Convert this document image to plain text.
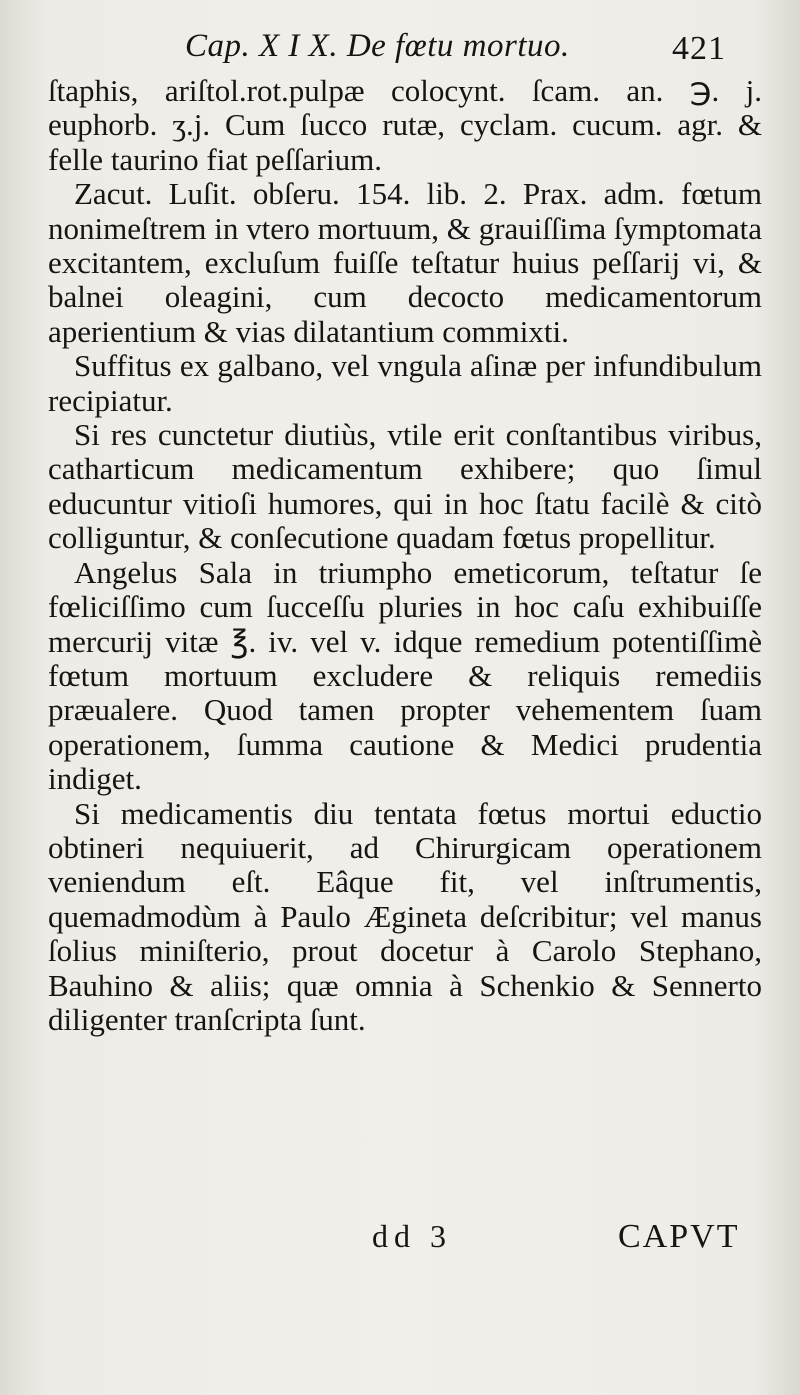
Cap. X I X. De fœtu mortuo.	421

ſtaphis, ariſtol.rot.pulpæ colocynt. ſcam. an. ℈. j. euphorb. ʒ.j. Cum ſucco rutæ, cyclam. cucum. agr. & felle taurino fiat peſſarium.

Zacut. Luſit. obſeru. 154. lib. 2. Prax. adm. fœtum nonimeſtrem in vtero mortuum, & grauiſſima ſymptomata excitantem, excluſum fuiſſe teſtatur huius peſſarij vi, & balnei oleagini, cum decocto medicamentorum aperientium & vias dilatantium commixti.

Suffitus ex galbano, vel vngula aſinæ per infundibulum recipiatur.

Si res cunctetur diutiùs, vtile erit conſtantibus viribus, catharticum medicamentum exhibere; quo ſimul educuntur vitioſi humores, qui in hoc ſtatu facilè & citò colliguntur, & conſecutione quadam fœtus propellitur.

Angelus Sala in triumpho emeticorum, teſtatur ſe fœliciſſimo cum ſucceſſu pluries in hoc caſu exhibuiſſe mercurij vitæ ℥. iv. vel v. idque remedium potentiſſimè fœtum mortuum excludere & reliquis remediis præualere. Quod tamen propter vehementem ſuam operationem, ſumma cautione & Medici prudentia indiget.

Si medicamentis diu tentata fœtus mortui eductio obtineri nequiuerit, ad Chirurgicam operationem veniendum eſt. Eâque fit, vel inſtrumentis, quemadmodùm à Paulo Ægineta deſcribitur; vel manus ſolius miniſterio, prout docetur à Carolo Stephano, Bauhino & aliis; quæ omnia à Schenkio & Sennerto diligenter tranſcripta ſunt.

dd 3	CAPVT
